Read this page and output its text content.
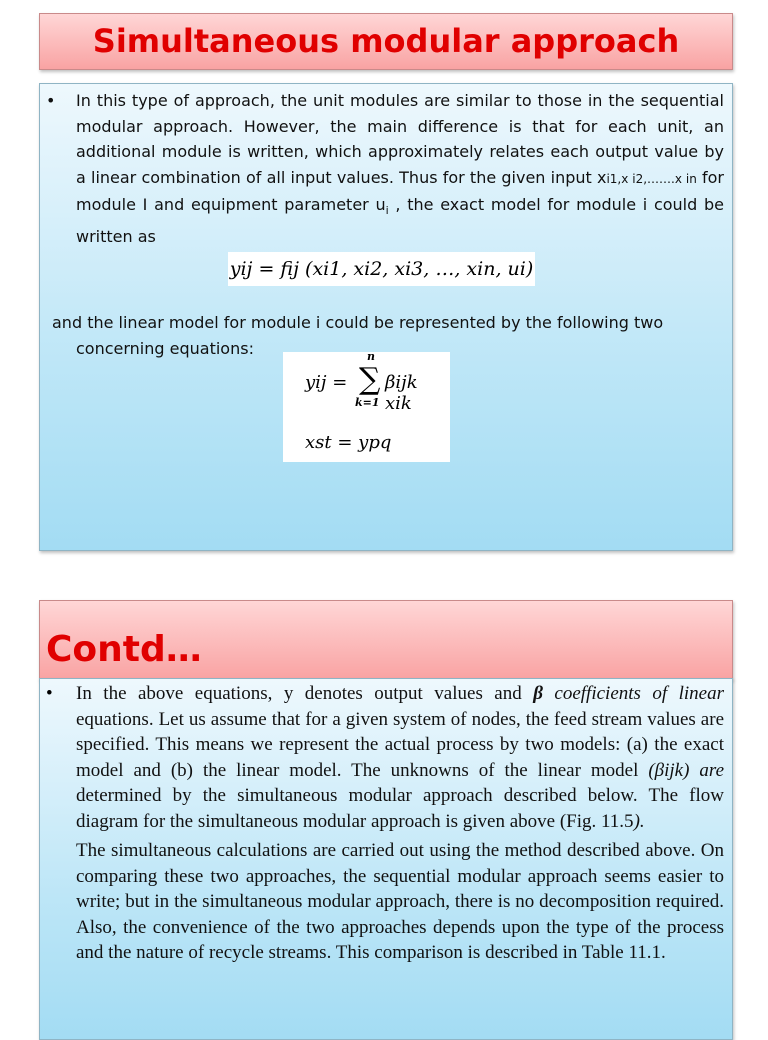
Simultaneous modular approach
• In this type of approach, the unit modules are similar to those in the sequential modular approach. However, the main difference is that for each unit, an additional module is written, which approximately relates each output value by a linear combination of all input values. Thus for the given input xi1,x i2,…….x in for module I and equipment parameter $u_i$ , the exact model for module i could be written as
yij = fij (xi1, xi2, xi3, …, xin, ui)
and the linear model for module i could be represented by the following two
concerning equations:
yij =
n
∑
k=1
βijk xik
xst = ypq
Contd…
• In the above equations, y denotes output values and β coefficients of linear equations. Let us assume that for a given system of nodes, the feed stream values are specified. This means we represent the actual process by two models: (a) the exact model and (b) the linear model. The unknowns of the linear model (βijk) are determined by the simultaneous modular approach described below. The flow diagram for the simultaneous modular approach is given above (Fig. 11.5).

The simultaneous calculations are carried out using the method described above. On comparing these two approaches, the sequential modular approach seems easier to write; but in the simultaneous modular approach, there is no decomposition required. Also, the convenience of the two approaches depends upon the type of the process and the nature of recycle streams. This comparison is described in Table 11.1.
